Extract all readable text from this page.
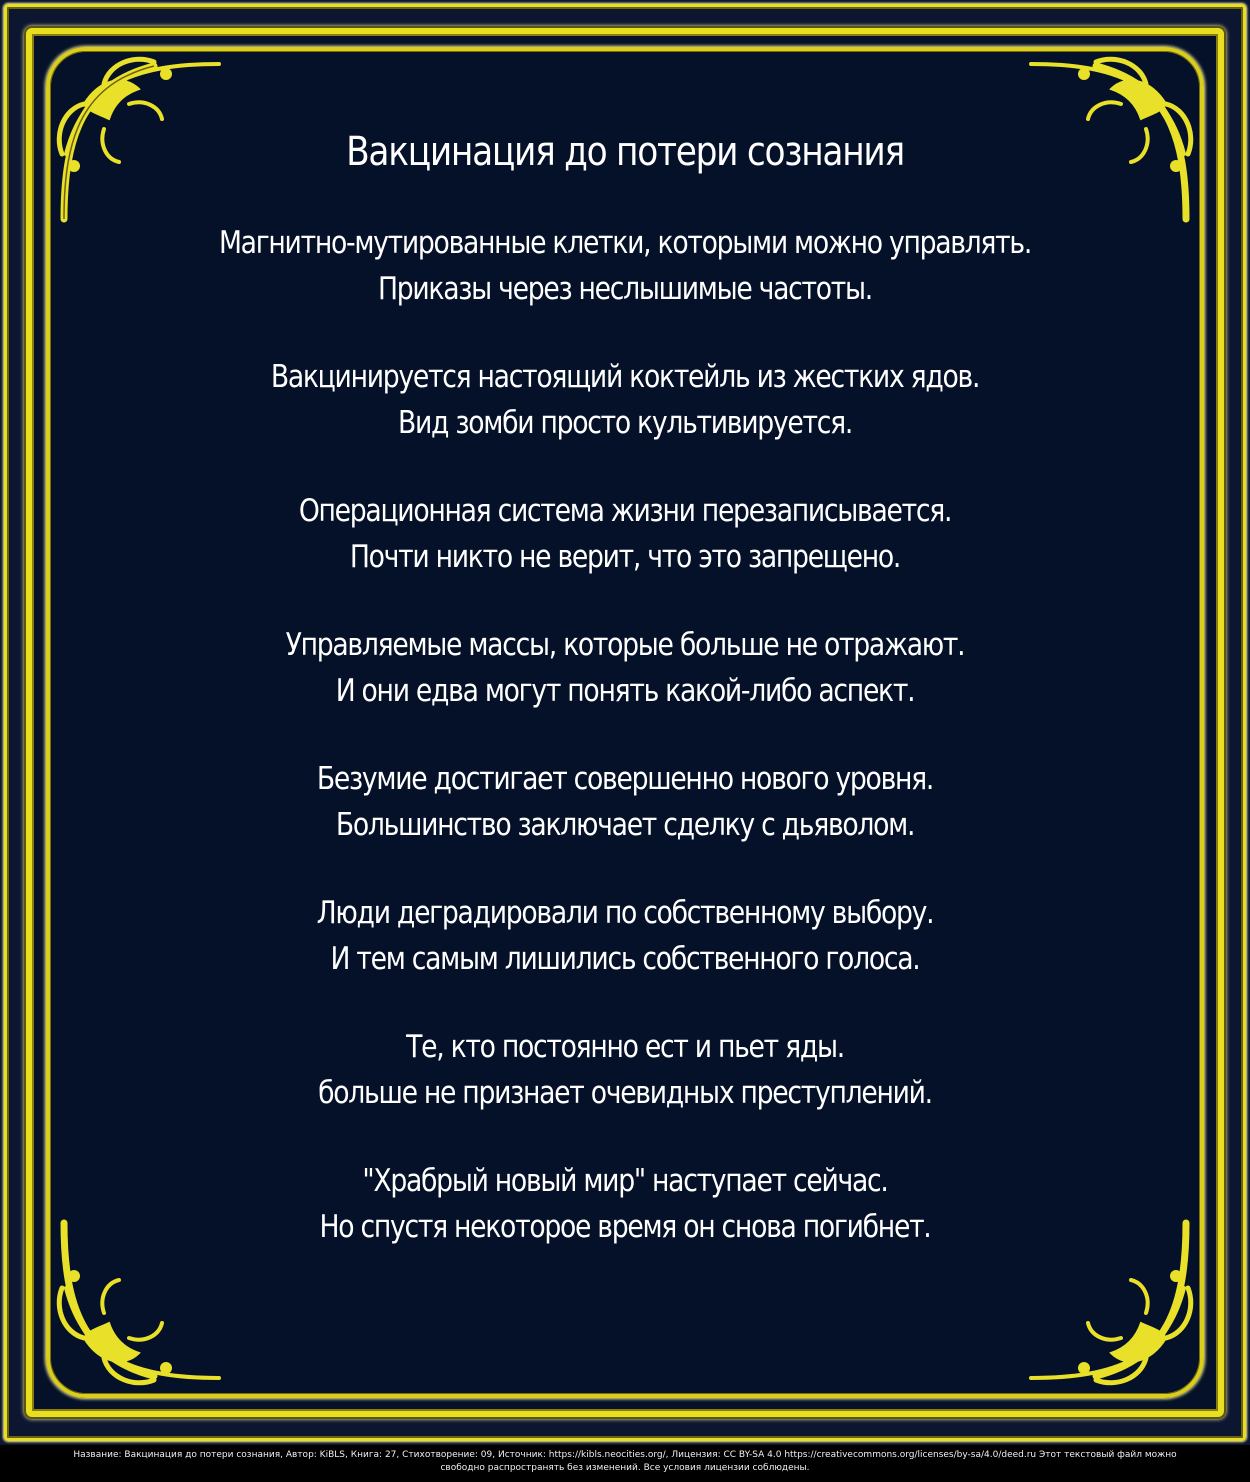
Вакцинация до потери сознания
Магнитно-мутированные клетки, которыми можно управлять.
Приказы через неслышимые частоты.
Вакцинируется настоящий коктейль из жестких ядов.
Вид зомби просто культивируется.
Операционная система жизни перезаписывается.
Почти никто не верит, что это запрещено.
Управляемые массы, которые больше не отражают.
И они едва могут понять какой-либо аспект.
Безумие достигает совершенно нового уровня.
Большинство заключает сделку с дьяволом.
Люди деградировали по собственному выбору.
И тем самым лишились собственного голоса.
Те, кто постоянно ест и пьет яды.
больше не признает очевидных преступлений.
"Храбрый новый мир" наступает сейчас.
Но спустя некоторое время он снова погибнет.
Название: Вакцинация до потери сознания, Автор: KiBLS, Книга: 27, Стихотворение: 09, Источник: https://kibls.neocities.org/, Лицензия: CC BY-SA 4.0 https://creativecommons.org/licenses/by-sa/4.0/deed.ru Этот текстовый файл можно
свободно распространять без изменений. Все условия лицензии соблюдены.
